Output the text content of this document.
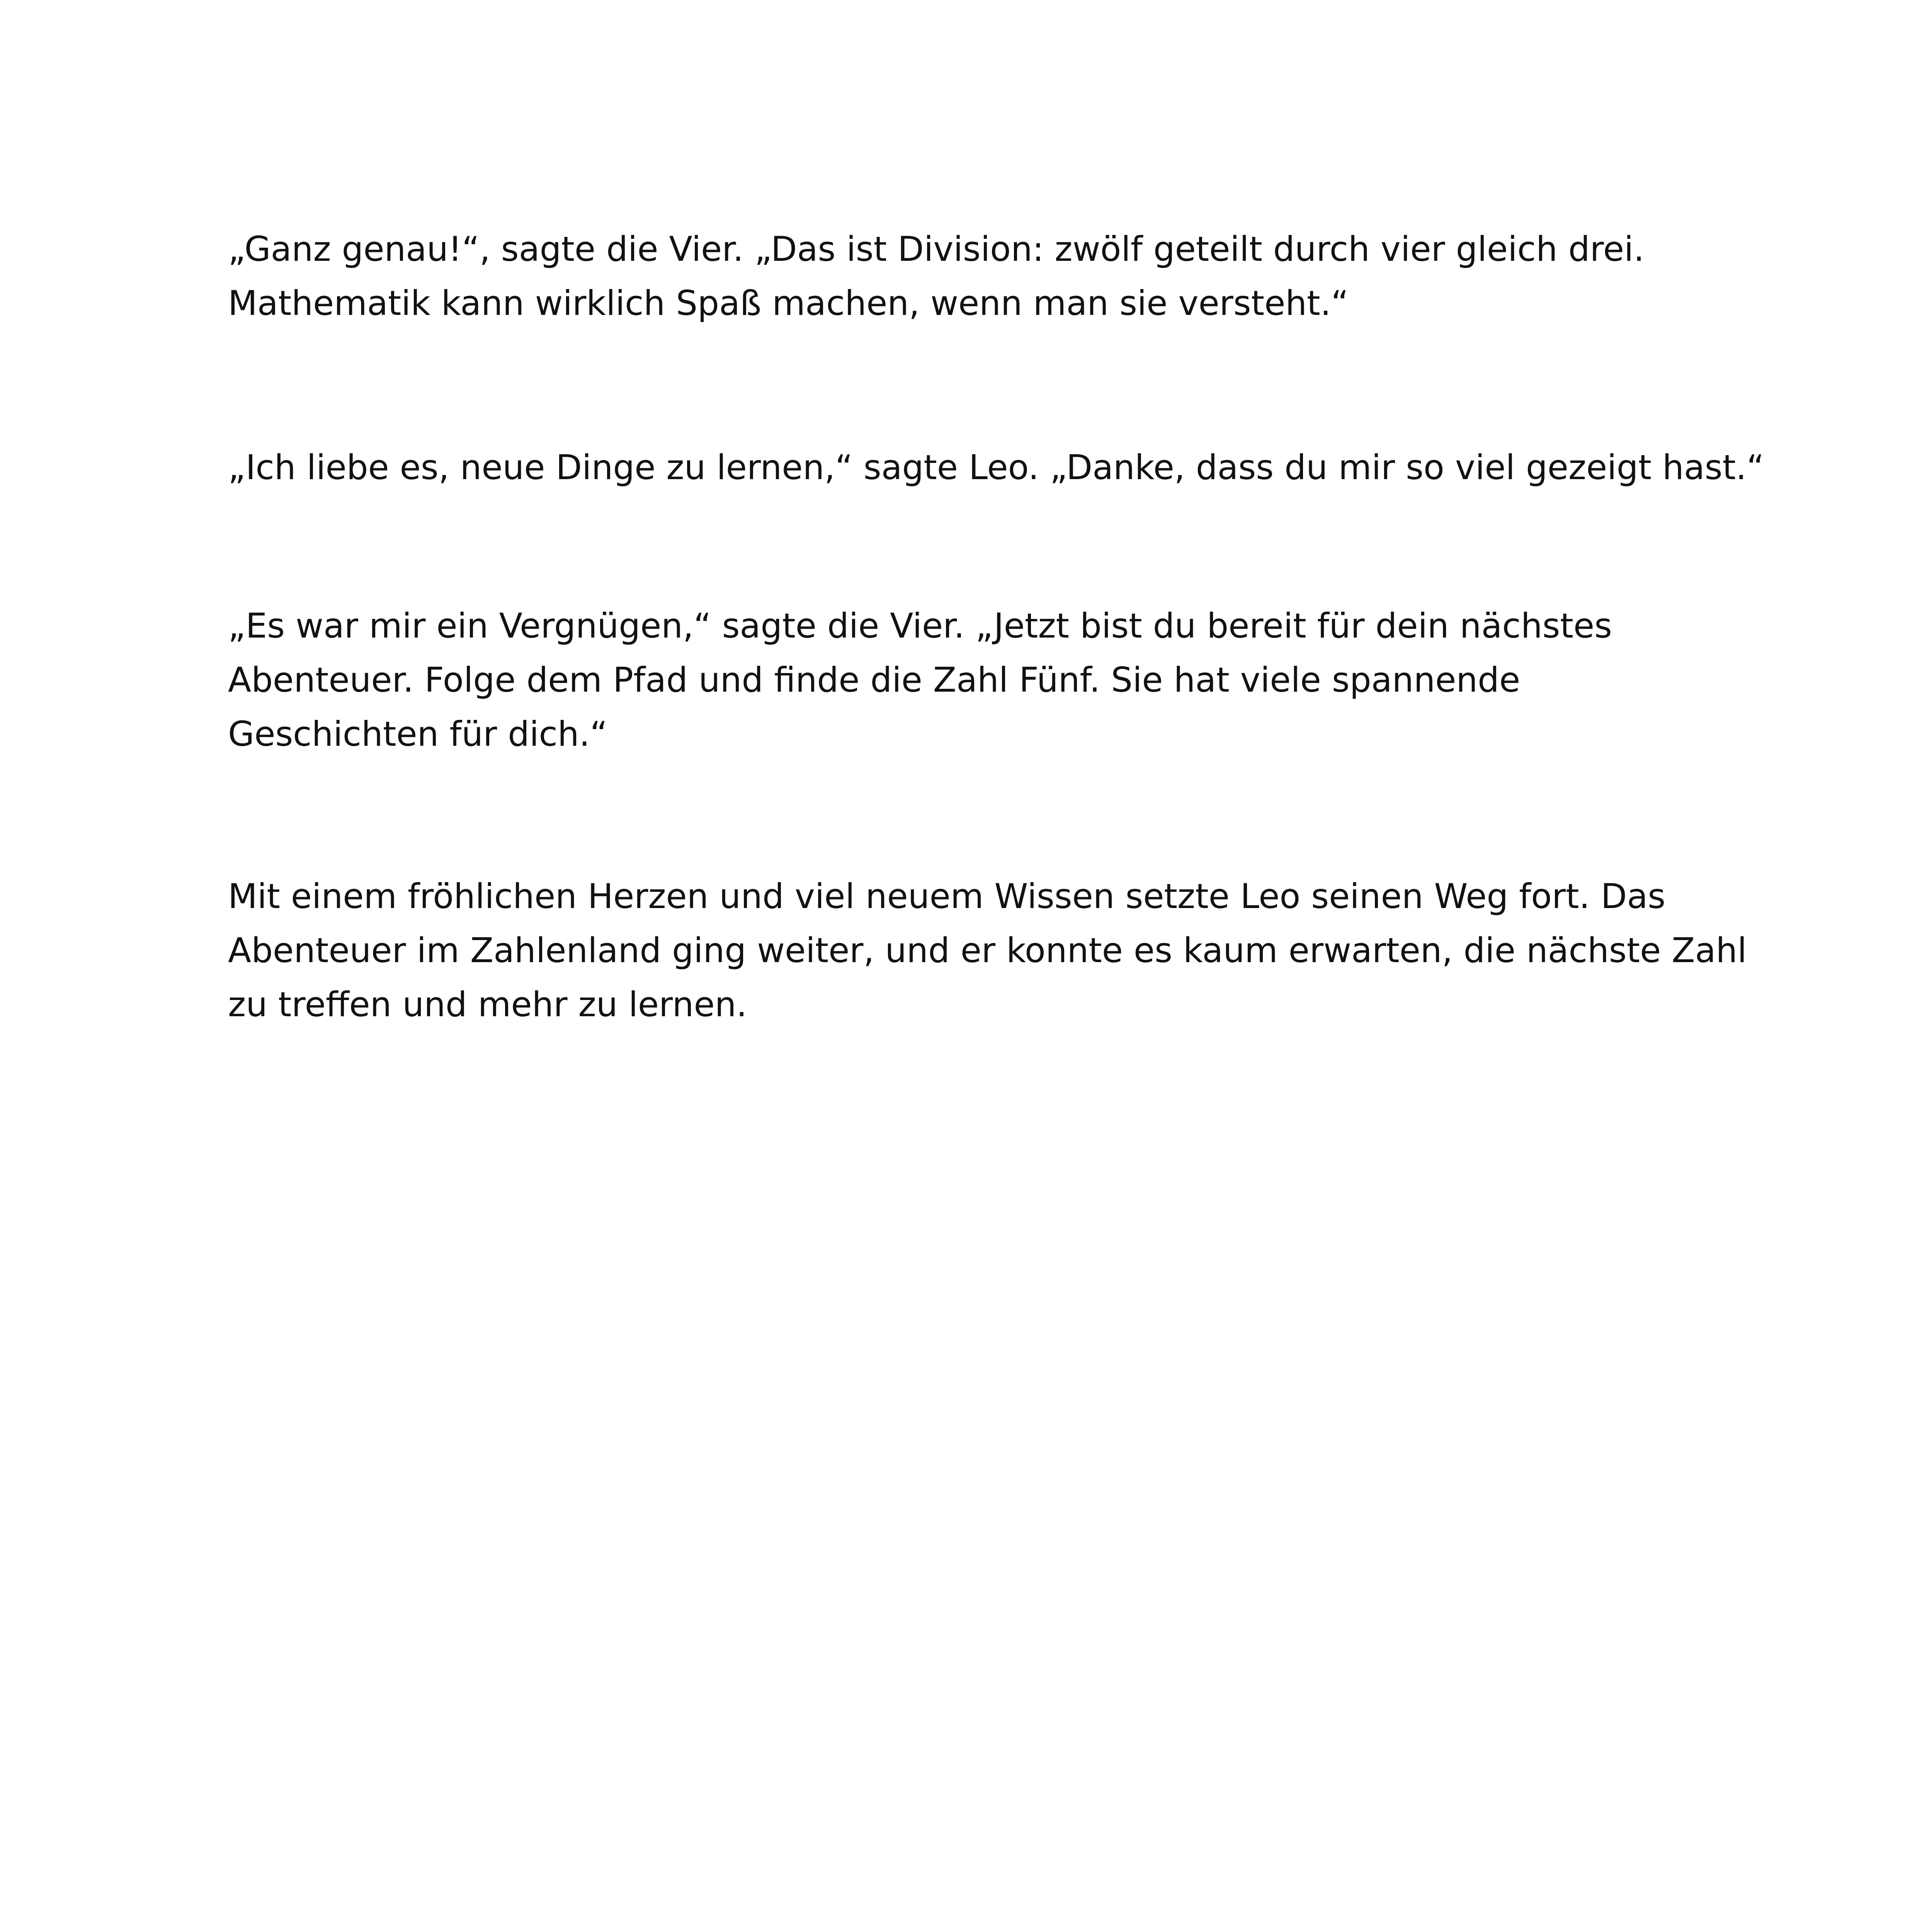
„Ganz genau!“, sagte die Vier. „Das ist Division: zwölf geteilt durch vier gleich drei.
Mathematik kann wirklich Spaß machen, wenn man sie versteht.“

„Ich liebe es, neue Dinge zu lernen,“ sagte Leo. „Danke, dass du mir so viel gezeigt hast.“

„Es war mir ein Vergnügen,“ sagte die Vier. „Jetzt bist du bereit für dein nächstes
Abenteuer. Folge dem Pfad und finde die Zahl Fünf. Sie hat viele spannende
Geschichten für dich.“

Mit einem fröhlichen Herzen und viel neuem Wissen setzte Leo seinen Weg fort. Das
Abenteuer im Zahlenland ging weiter, und er konnte es kaum erwarten, die nächste Zahl
zu treffen und mehr zu lernen.
